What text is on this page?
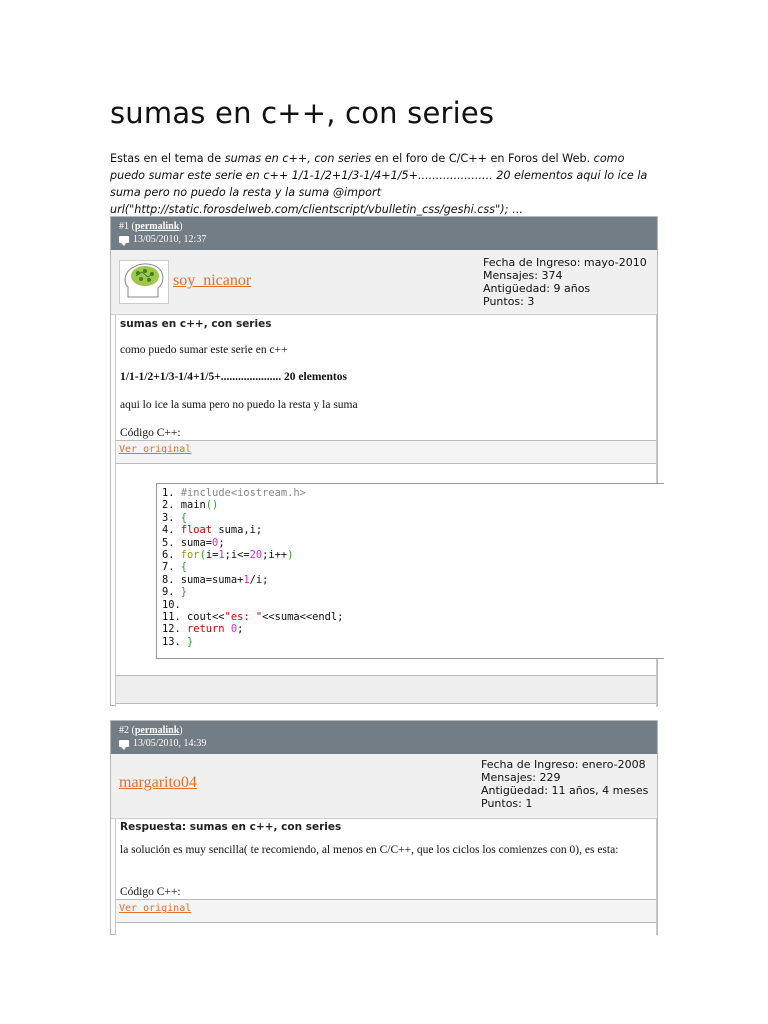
sumas en c++, con series
Estas en el tema de sumas en c++, con series en el foro de C/C++ en Foros del Web. como puedo sumar este serie en c++ 1/1-1/2+1/3-1/4+1/5+..................... 20 elementos aqui lo ice la suma pero no puedo la resta y la suma @import url("http://static.forosdelweb.com/clientscript/vbulletin_css/geshi.css"); ...
#1 (permalink)
13/05/2010, 12:37
soy_nicanor
Fecha de Ingreso: mayo-2010
Mensajes: 374
Antigüedad: 9 años
Puntos: 3
sumas en c++, con series
como puedo sumar este serie en c++
1/1-1/2+1/3-1/4+1/5+..................... 20 elementos
aqui lo ice la suma pero no puedo la resta y la suma
Código C++:
Ver original
1. #include<iostream.h>
2. main()
3. {
4. float suma,i;
5. suma=0;
6. for(i=1;i<=20;i++)
7. {
8. suma=suma+1/i;
9. }
10.
11. cout<<"es: "<<suma<<endl;
12. return 0;
13. }
#2 (permalink)
13/05/2010, 14:39
margarito04
Fecha de Ingreso: enero-2008
Mensajes: 229
Antigüedad: 11 años, 4 meses
Puntos: 1
Respuesta: sumas en c++, con series
la solución es muy sencilla( te recomiendo, al menos en C/C++, que los ciclos los comienzes con 0), es esta:
Código C++:
Ver original
